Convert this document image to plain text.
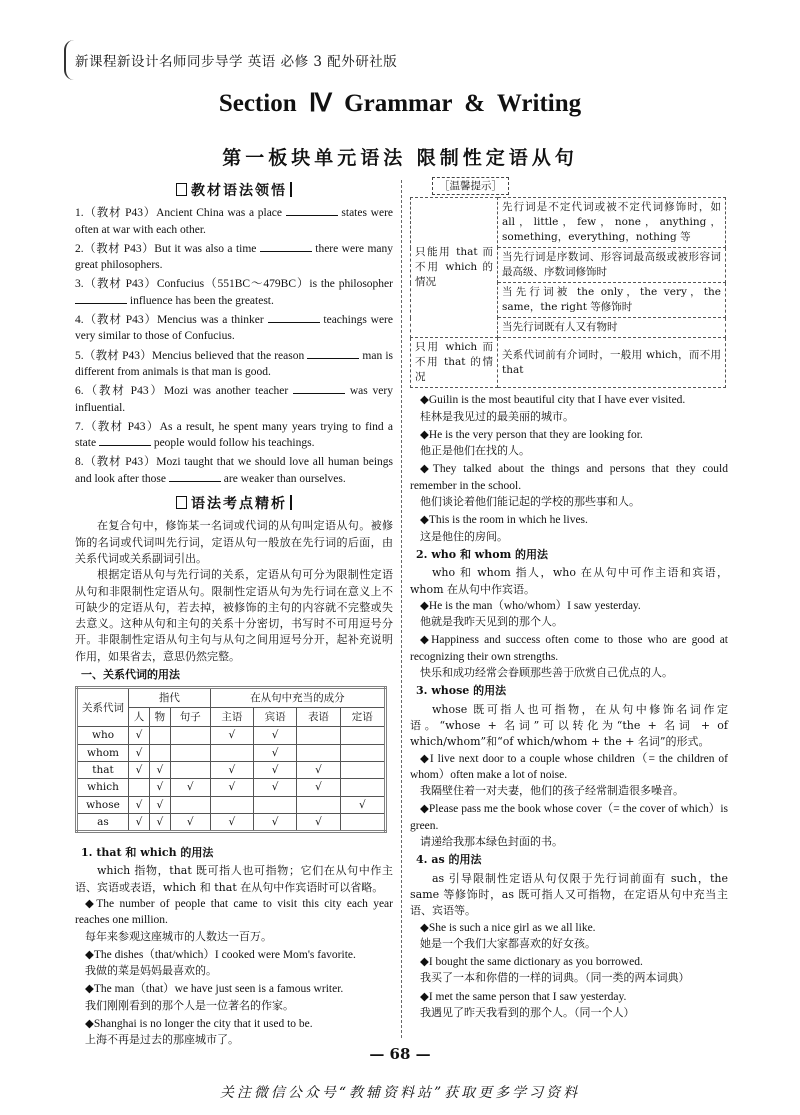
新课程新设计名师同步导学 英语 必修 3 配外研社版
Section Ⅳ Grammar & Writing
第一板块单元语法 限制性定语从句
教材语法领悟

1.（教材 P43）Ancient China was a place	states were often at war with each other.

2.（教材 P43）But it was also a time	there were many great philosophers.

3.（教材 P43）Confucius（551BC～479BC）is the philosopher  influence has been the greatest.

4.（教材 P43）Mencius was a thinker	teachings were very similar to those of Confucius.

5.（教材 P43）Mencius believed that the reason	man is different from animals is that man is good.

6.（教材 P43）Mozi was another teacher	was very influential.

7.（教材 P43）As a result, he spent many years trying to find a state	people would follow his teachings.

8.（教材 P43）Mozi taught that we should love all human beings and look after those	are weaker than ourselves.

语法考点精析

在复合句中，修饰某一名词或代词的从句叫定语从句。被修饰的名词或代词叫先行词，定语从句一般放在先行词的后面，由关系代词或关系副词引出。

根据定语从句与先行词的关系，定语从句可分为限制性定语从句和非限制性定语从句。限制性定语从句为先行词在意义上不可缺少的定语从句，若去掉，被修饰的主句的内容就不完整或失去意义。这种从句和主句的关系十分密切，书写时不可用逗号分开。非限制性定语从句主句与从句之间用逗号分开，起补充说明作用，如果省去，意思仍然完整。

一、关系代词的用法
关系代词	指代			在从句中充当的成分			
	人	物	句子	主语	宾语	表语	定语
who	√			√	√		
whom	√				√		
that	√	√		√	√	√	
which		√	√	√	√	√	
whose	√	√					√
as	√	√	√	√	√	√	
1. that 和 which 的用法

which 指物，that 既可指人也可指物；它们在从句中作主语、宾语或表语，which 和 that 在从句中作宾语时可以省略。

◆The number of people that came to visit this city each year reaches one million.

每年来参观这座城市的人数达一百万。

◆The dishes（that/which）I cooked were Mom's favorite.

我做的菜是妈妈最喜欢的。

◆The man（that）we have just seen is a famous writer.

我们刚刚看到的那个人是一位著名的作家。

◆Shanghai is no longer the city that it used to be.

上海不再是过去的那座城市了。

［温馨提示］
只能用 that 而不用 which 的情况	先行词是不定代词或被不定代词修饰时，如 all，little，few，none，anything，something，everything，nothing 等
	当先行词是序数词、形容词最高级或被形容词最高级、序数词修饰时
	当先行词被 the only，the very，the same，the right 等修饰时
	当先行词既有人又有物时
只用 which 而不用 that 的情况	关系代词前有介词时，一般用 which，而不用 that

◆Guilin is the most beautiful city that I have ever visited.

桂林是我见过的最美丽的城市。

◆He is the very person that they are looking for.

他正是他们在找的人。

◆They talked about the things and persons that they could remember in the school.

他们谈论着他们能记起的学校的那些事和人。

◆This is the room in which he lives.

这是他住的房间。

2. who 和 whom 的用法

who 和 whom 指人，who 在从句中可作主语和宾语，whom 在从句中作宾语。

◆He is the man（who/whom）I saw yesterday.

他就是我昨天见到的那个人。

◆Happiness and success often come to those who are good at recognizing their own strengths.

快乐和成功经常会眷顾那些善于欣赏自己优点的人。

3. whose 的用法

whose 既可指人也可指物，在从句中修饰名词作定语。“whose + 名词”可以转化为“the + 名词 + of which/whom”和“of which/whom + the + 名词”的形式。

◆I live next door to a couple whose children（= the children of whom）often make a lot of noise.

我隔壁住着一对夫妻，他们的孩子经常制造很多噪音。

◆Please pass me the book whose cover（= the cover of which）is green.

请递给我那本绿色封面的书。

4. as 的用法

as 引导限制性定语从句仅限于先行词前面有 such，the same 等修饰时，as 既可指人又可指物，在定语从句中充当主语、宾语等。

◆She is such a nice girl as we all like.

她是一个我们大家都喜欢的好女孩。

◆I bought the same dictionary as you borrowed.

我买了一本和你借的一样的词典。（同一类的两本词典）

◆I met the same person that I saw yesterday.

我遇见了昨天我看到的那个人。（同一个人）

— 68 —
关注微信公众号“教辅资料站”获取更多学习资料
